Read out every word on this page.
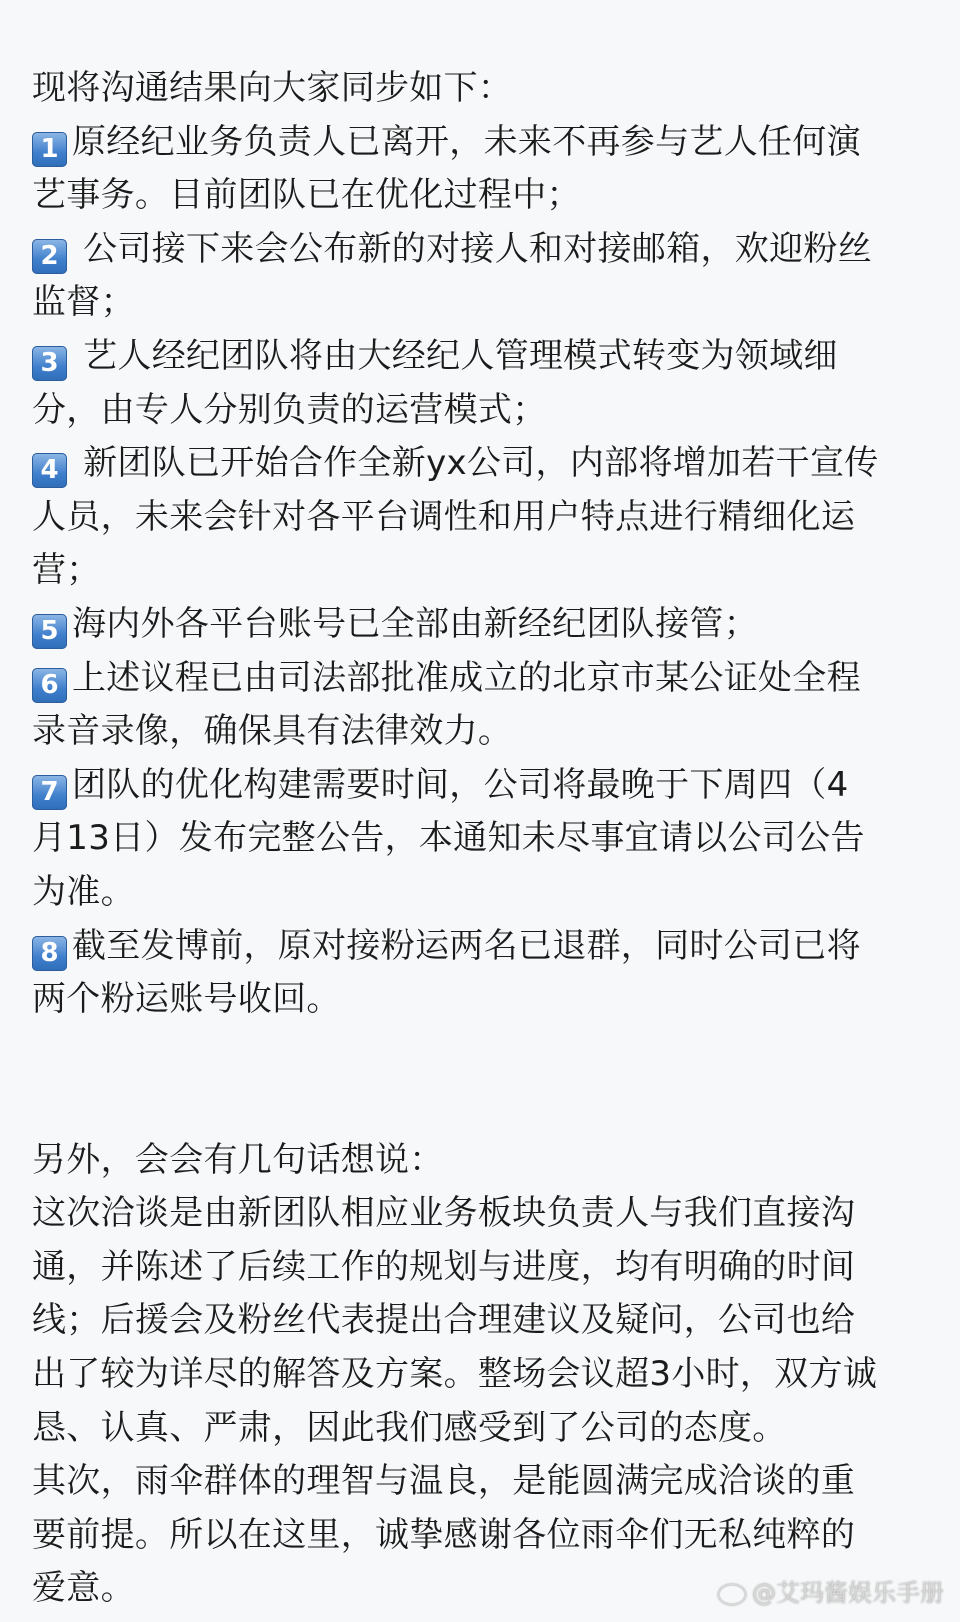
现将沟通结果向大家同步如下：
1 原经纪业务负责人已离开，未来不再参与艺人任何演
艺事务。目前团队已在优化过程中；
2 公司接下来会公布新的对接人和对接邮箱，欢迎粉丝
监督；
3 艺人经纪团队将由大经纪人管理模式转变为领域细
分，由专人分别负责的运营模式；
4 新团队已开始合作全新yx公司，内部将增加若干宣传
人员，未来会针对各平台调性和用户特点进行精细化运
营；
5 海内外各平台账号已全部由新经纪团队接管；
6 上述议程已由司法部批准成立的北京市某公证处全程
录音录像，确保具有法律效力。
7 团队的优化构建需要时间，公司将最晚于下周四（4
月13日）发布完整公告，本通知未尽事宜请以公司公告
为准。
8 截至发博前，原对接粉运两名已退群，同时公司已将
两个粉运账号收回。
另外，会会有几句话想说：
这次洽谈是由新团队相应业务板块负责人与我们直接沟
通，并陈述了后续工作的规划与进度，均有明确的时间
线；后援会及粉丝代表提出合理建议及疑问，公司也给
出了较为详尽的解答及方案。整场会议超3小时，双方诚
恳、认真、严肃，因此我们感受到了公司的态度。
其次，雨伞群体的理智与温良，是能圆满完成洽谈的重
要前提。所以在这里，诚挚感谢各位雨伞们无私纯粹的
爱意。	@艾玛酱娱乐手册
